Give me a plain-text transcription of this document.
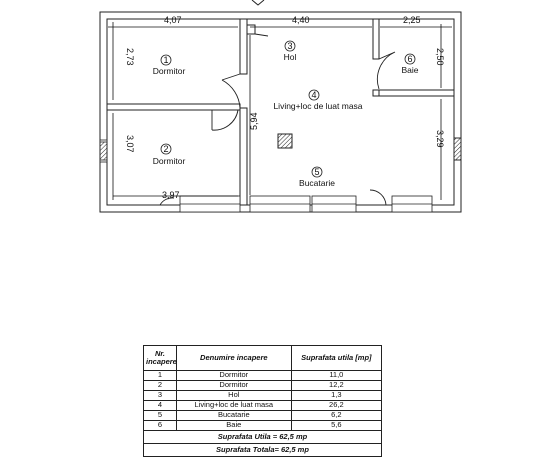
4,07	4,40	2,25
2,73
3,07
3,97
5,94
2,50
3,29
1
Dormitor
2
Dormitor
3
Hol
4
Living+loc de luat masa
5
Bucatarie
6
Baie
Nr. incapere	Denumire incapere	Suprafata utila [mp]
1	Dormitor	11,0
2	Dormitor	12,2
3	Hol	1,3
4	Living+loc de luat masa	26,2
5	Bucatarie	6,2
6	Baie	5,6
Suprafata Utila = 62,5 mp		
Suprafata Totala= 62,5 mp		
